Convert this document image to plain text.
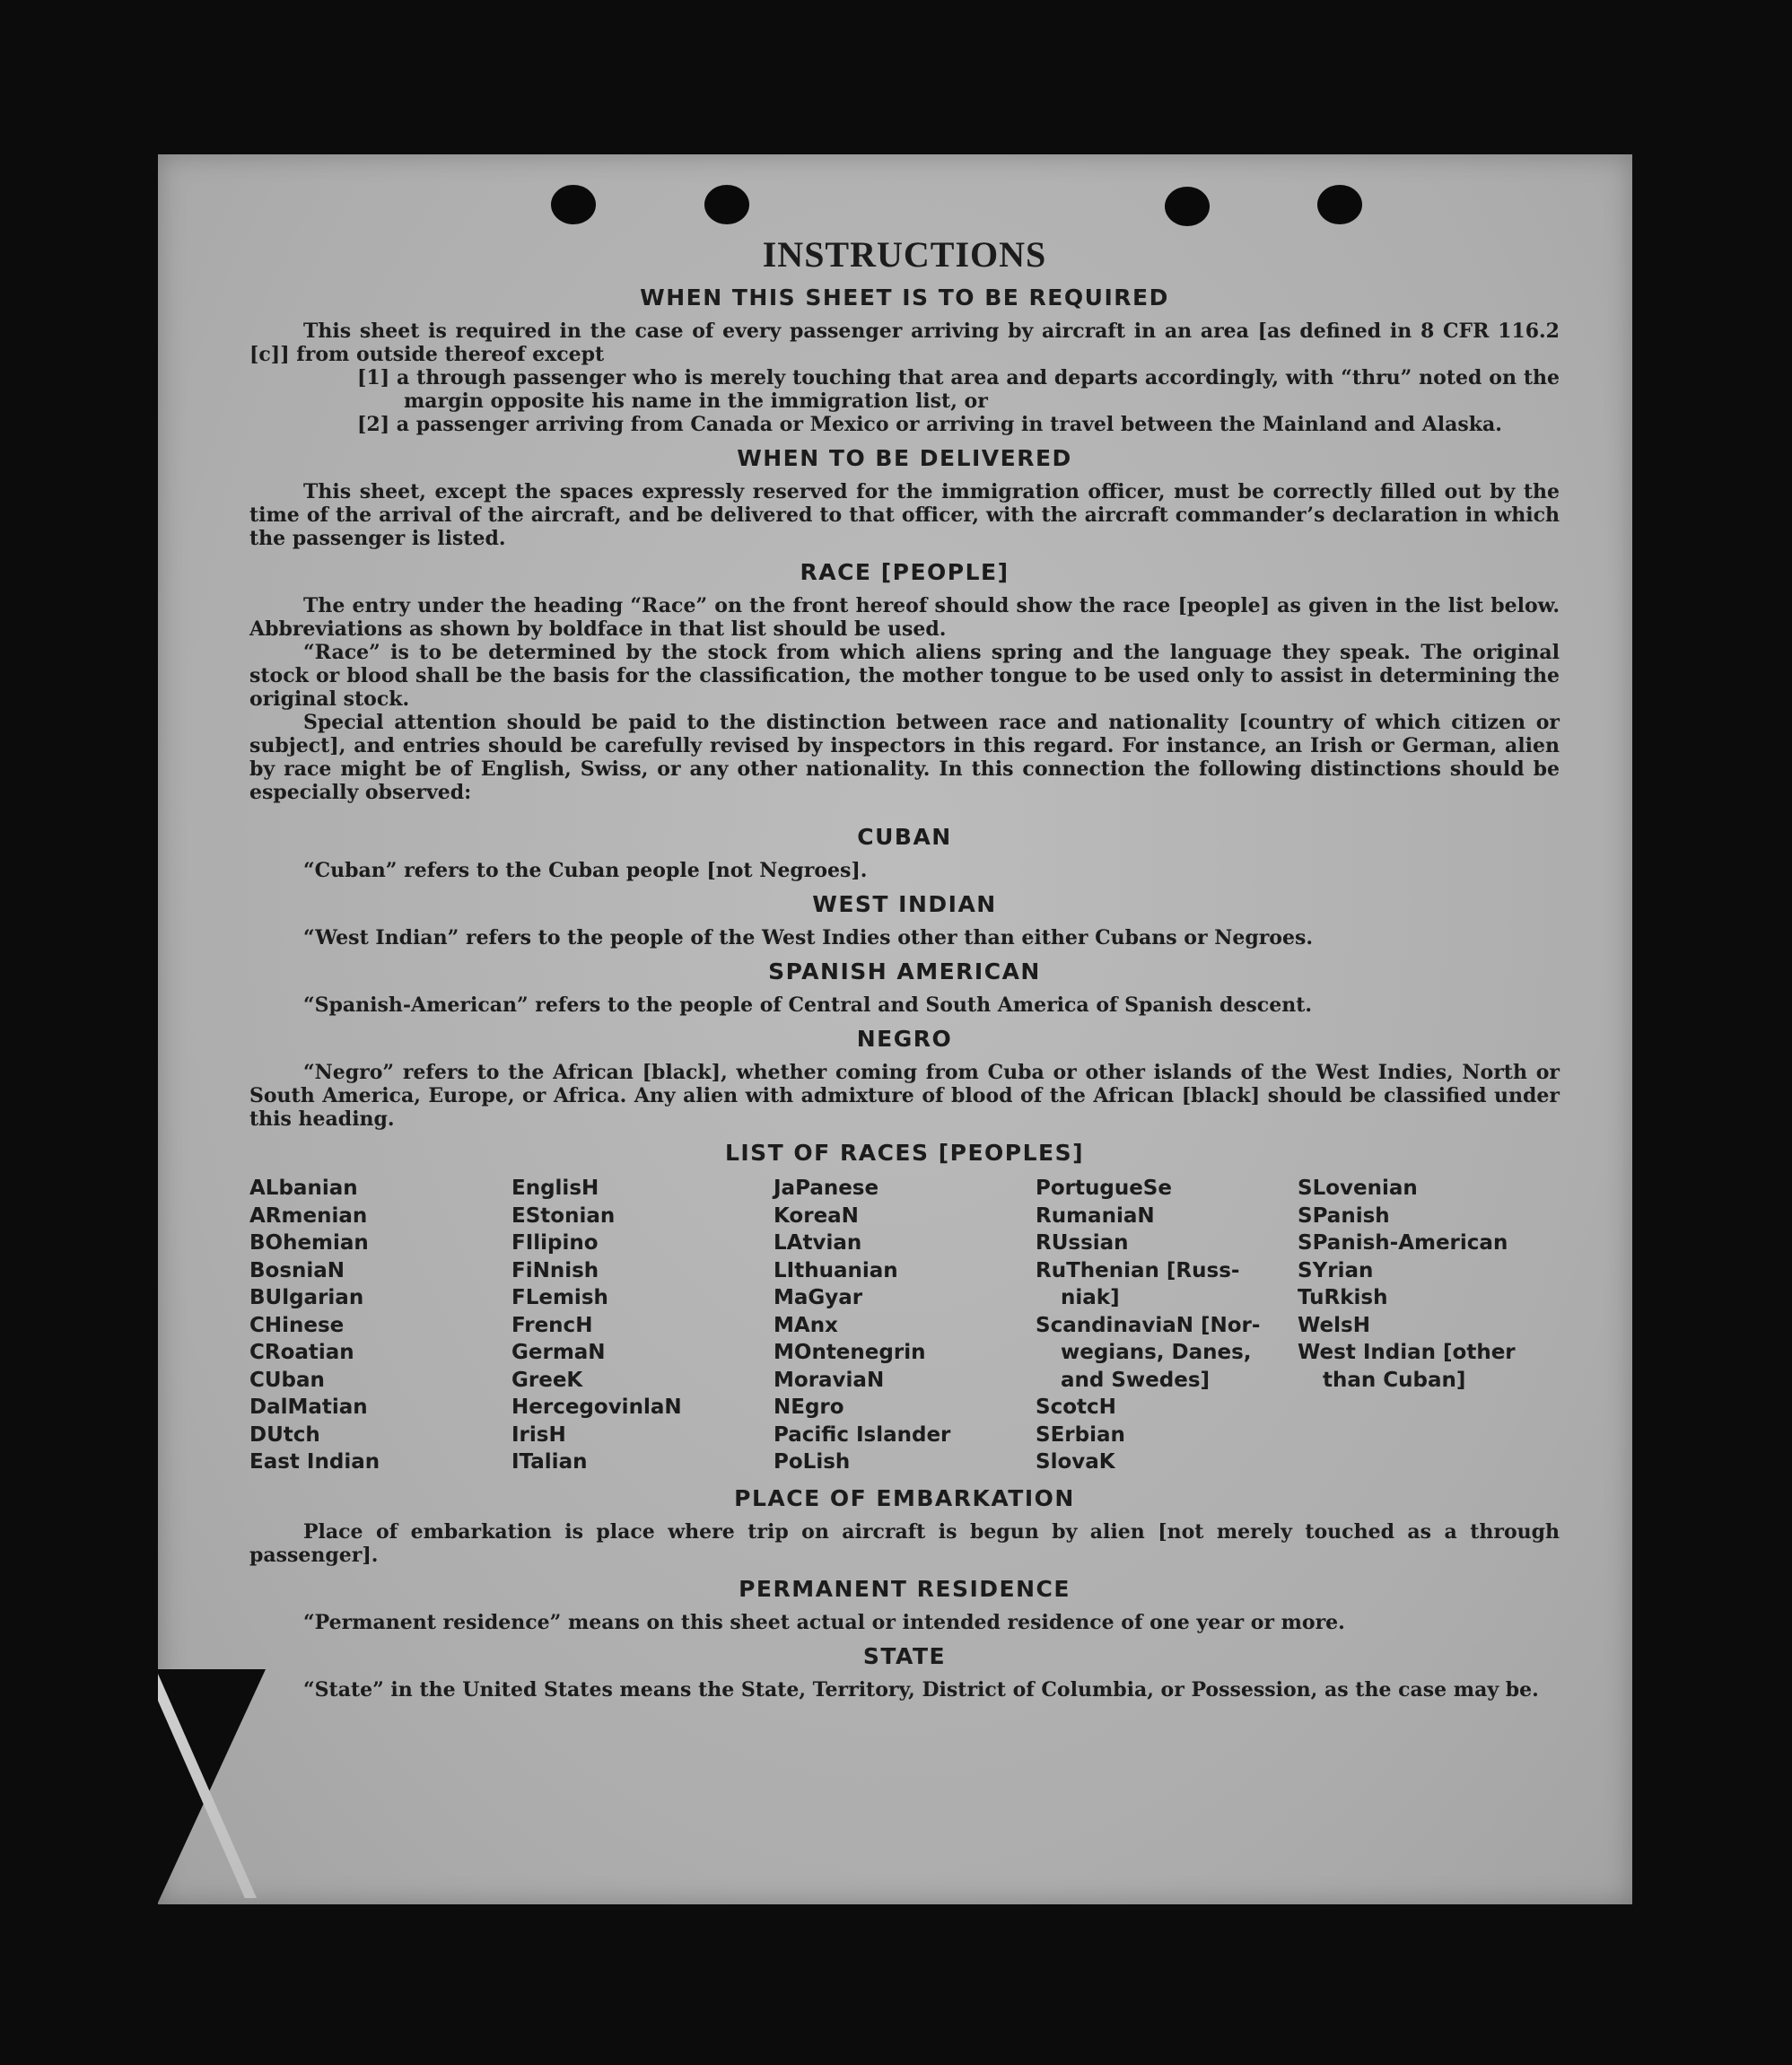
INSTRUCTIONS
WHEN THIS SHEET IS TO BE REQUIRED

This sheet is required in the case of every passenger arriving by aircraft in an area [as defined in 8 CFR 116.2 [c]] from outside thereof except

[1] a through passenger who is merely touching that area and departs accordingly, with “thru” noted on the margin opposite his name in the immigration list, or

[2] a passenger arriving from Canada or Mexico or arriving in travel between the Mainland and Alaska.

WHEN TO BE DELIVERED

This sheet, except the spaces expressly reserved for the immigration officer, must be correctly filled out by the time of the arrival of the aircraft, and be delivered to that officer, with the aircraft commander’s declaration in which the passenger is listed.

RACE [PEOPLE]

The entry under the heading “Race” on the front hereof should show the race [people] as given in the list below. Abbreviations as shown by boldface in that list should be used.

“Race” is to be determined by the stock from which aliens spring and the language they speak. The original stock or blood shall be the basis for the classification, the mother tongue to be used only to assist in determining the original stock.

Special attention should be paid to the distinction between race and nationality [country of which citizen or subject], and entries should be carefully revised by inspectors in this regard. For instance, an Irish or German, alien by race might be of English, Swiss, or any other nationality. In this connection the following distinctions should be especially observed:

CUBAN

“Cuban” refers to the Cuban people [not Negroes].

WEST INDIAN

“West Indian” refers to the people of the West Indies other than either Cubans or Negroes.

SPANISH AMERICAN

“Spanish-American” refers to the people of Central and South America of Spanish descent.

NEGRO

“Negro” refers to the African [black], whether coming from Cuba or other islands of the West Indies, North or South America, Europe, or Africa. Any alien with admixture of blood of the African [black] should be classified under this heading.

LIST OF RACES [PEOPLES]
ALbanian
ARmenian
BOhemian
BosniaN
BUlgarian
CHinese
CRoatian
CUban
DalMatian
DUtch
East Indian
EnglisH
EStonian
FIlipino
FiNnish
FLemish
FrencH
GermaN
GreeK
HercegovinlaN
IrisH
ITalian
JaPanese
KoreaN
LAtvian
LIthuanian
MaGyar
MAnx
MOntenegrin
MoraviaN
NEgro
Pacific Islander
PoLish
PortugueSe
RumaniaN
RUssian
RuThenian [Russ-
niak]
ScandinaviaN [Nor-
wegians, Danes,
and Swedes]
ScotcH
SErbian
SlovaK
SLovenian
SPanish
SPanish-American
SYrian
TuRkish
WelsH
West Indian [other
than Cuban]
PLACE OF EMBARKATION

Place of embarkation is place where trip on aircraft is begun by alien [not merely touched as a through passenger].

PERMANENT RESIDENCE

“Permanent residence” means on this sheet actual or intended residence of one year or more.

STATE

“State” in the United States means the State, Territory, District of Columbia, or Possession, as the case may be.
